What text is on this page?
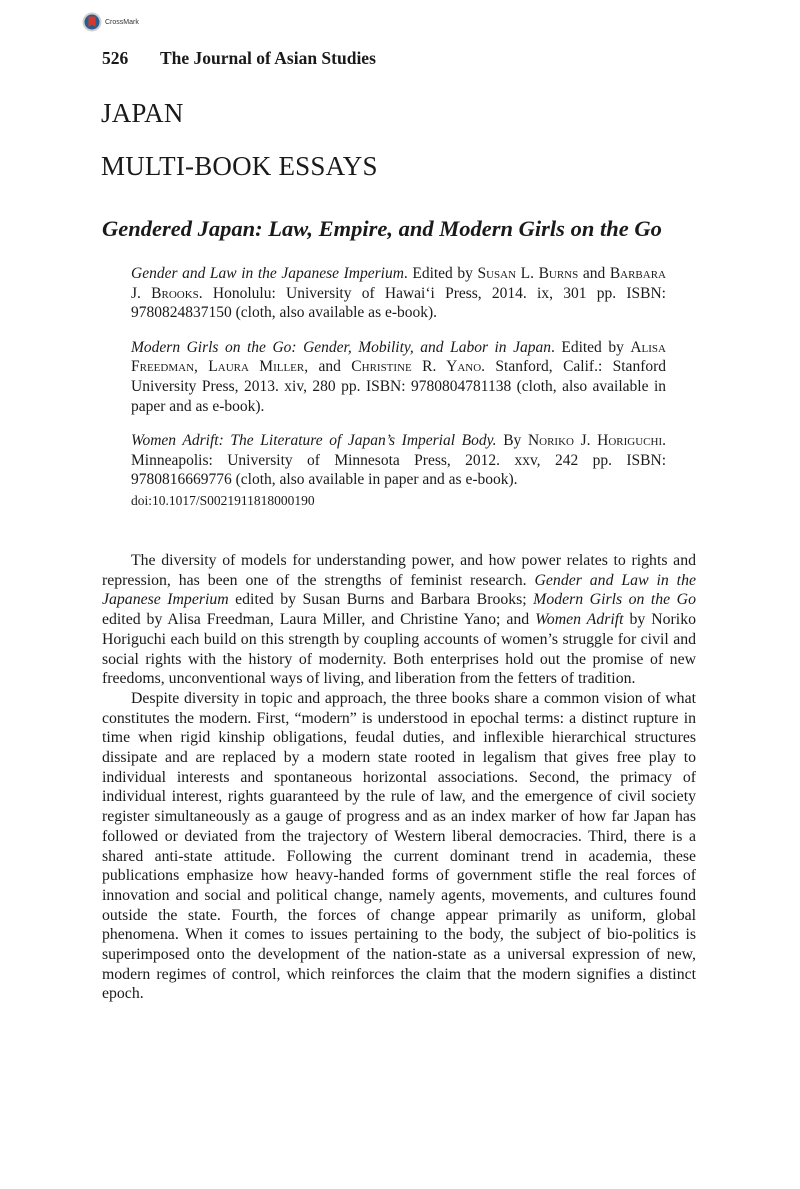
CrossMark
526	The Journal of Asian Studies
JAPAN
MULTI-BOOK ESSAYS
Gendered Japan: Law, Empire, and Modern Girls on the Go

Gender and Law in the Japanese Imperium. Edited by Susan L. Burns and Barbara J. Brooks. Honolulu: University of Hawai‘i Press, 2014. ix, 301 pp. ISBN: 9780824837150 (cloth, also available as e-book).

Modern Girls on the Go: Gender, Mobility, and Labor in Japan. Edited by Alisa Freedman, Laura Miller, and Christine R. Yano. Stanford, Calif.: Stanford University Press, 2013. xiv, 280 pp. ISBN: 9780804781138 (cloth, also available in paper and as e-book).

Women Adrift: The Literature of Japan’s Imperial Body. By Noriko J. Horiguchi. Minneapolis: University of Minnesota Press, 2012. xxv, 242 pp. ISBN: 9780816669776 (cloth, also available in paper and as e-book).

doi:10.1017/S0021911818000190

The diversity of models for understanding power, and how power relates to rights and repression, has been one of the strengths of feminist research. Gender and Law in the Japanese Imperium edited by Susan Burns and Barbara Brooks; Modern Girls on the Go edited by Alisa Freedman, Laura Miller, and Christine Yano; and Women Adrift by Noriko Horiguchi each build on this strength by coupling accounts of women’s struggle for civil and social rights with the history of modernity. Both enterprises hold out the promise of new freedoms, unconventional ways of living, and liberation from the fetters of tradition.

Despite diversity in topic and approach, the three books share a common vision of what constitutes the modern. First, “modern” is understood in epochal terms: a distinct rupture in time when rigid kinship obligations, feudal duties, and inflexible hierarchical structures dissipate and are replaced by a modern state rooted in legalism that gives free play to individual interests and spontaneous horizontal associations. Second, the primacy of individual interest, rights guaranteed by the rule of law, and the emergence of civil society register simultaneously as a gauge of progress and as an index marker of how far Japan has followed or deviated from the trajectory of Western liberal democracies. Third, there is a shared anti-state attitude. Following the current dominant trend in academia, these publications emphasize how heavy-handed forms of government stifle the real forces of innovation and social and political change, namely agents, movements, and cultures found outside the state. Fourth, the forces of change appear primarily as uniform, global phenomena. When it comes to issues pertaining to the body, the subject of bio-politics is superimposed onto the development of the nation-state as a universal expression of new, modern regimes of control, which reinforces the claim that the modern signifies a distinct epoch.
